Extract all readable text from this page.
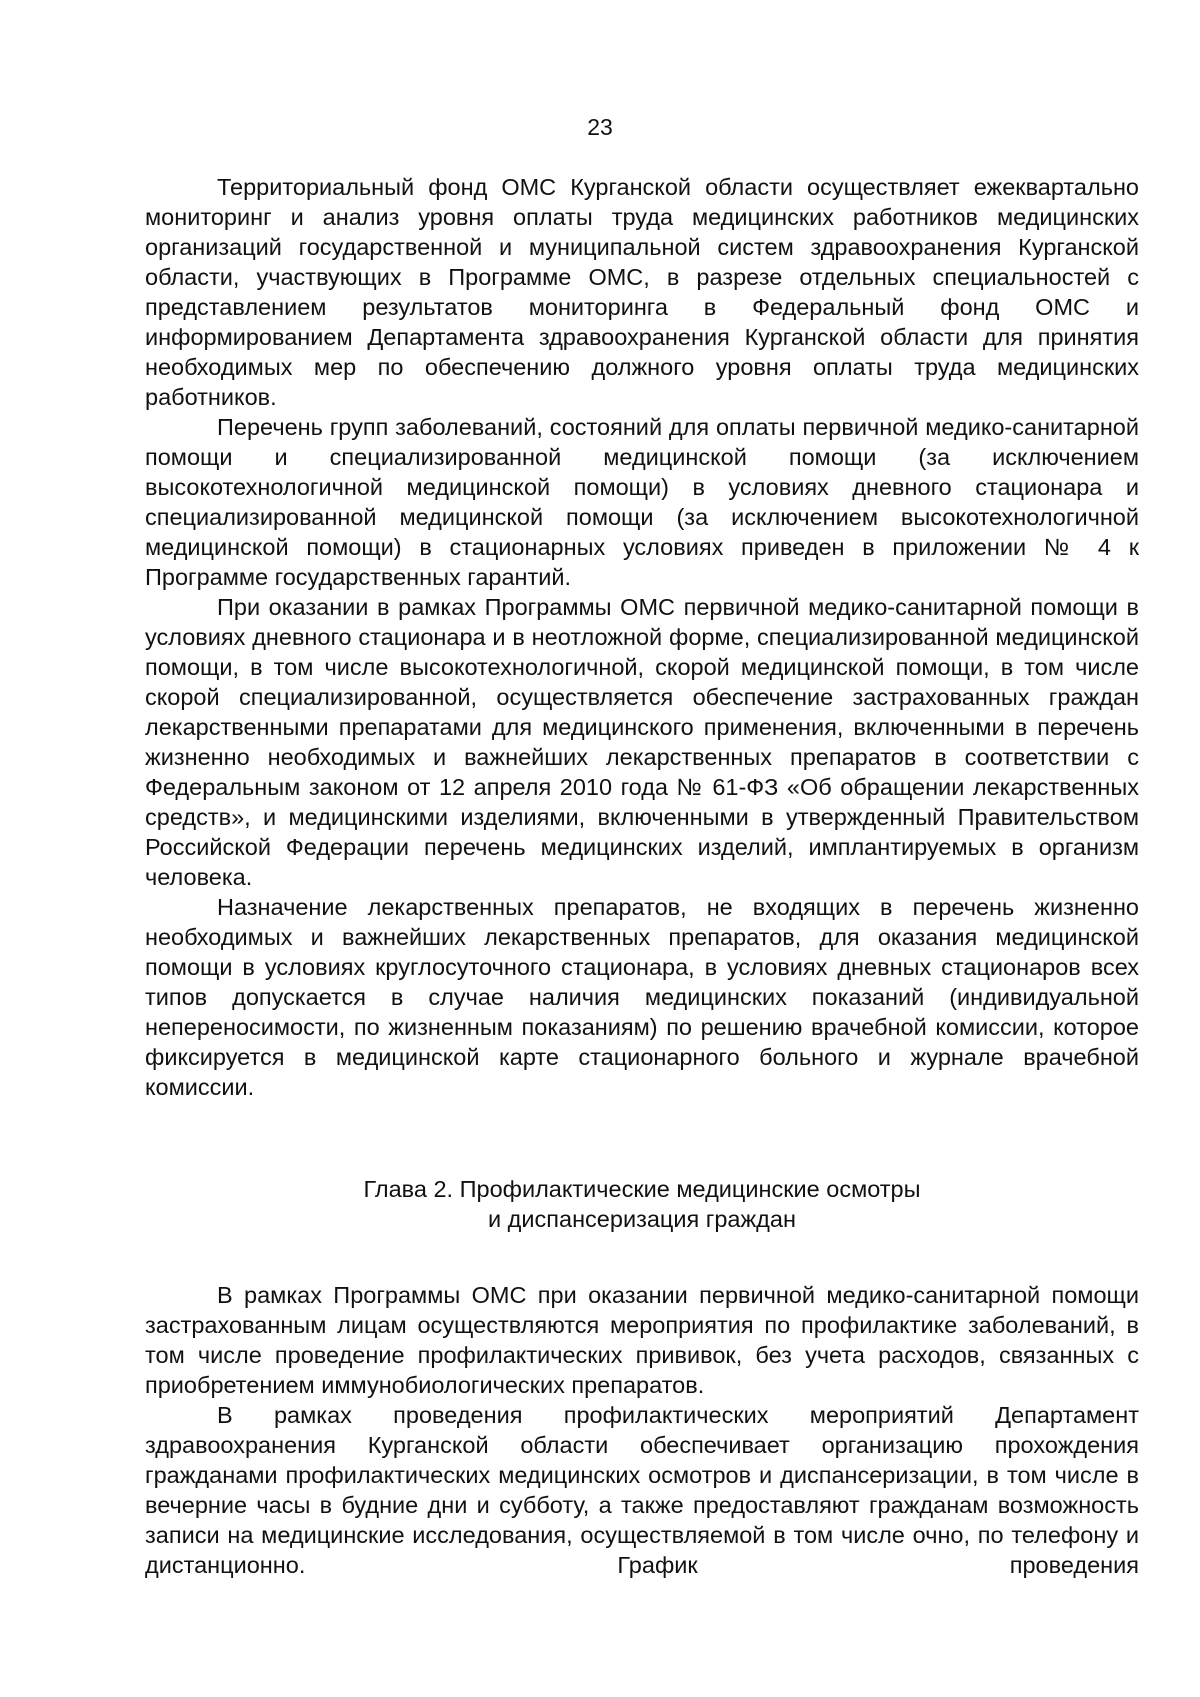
23

Территориальный фонд ОМС Курганской области осуществляет ежеквартально мониторинг и анализ уровня оплаты труда медицинских работников медицинских организаций государственной и муниципальной систем здравоохранения Курганской области, участвующих в Программе ОМС, в разрезе отдельных специальностей с представлением результатов мониторинга в Федеральный фонд ОМС и информированием Департамента здравоохранения Курганской области для принятия необходимых мер по обеспечению должного уровня оплаты труда медицинских работников.

Перечень групп заболеваний, состояний для оплаты первичной медико-санитарной помощи и специализированной медицинской помощи (за исключением высокотехнологичной медицинской помощи) в условиях дневного стационара и специализированной медицинской помощи (за исключением высокотехнологичной медицинской помощи) в стационарных условиях приведен в приложении № 4 к Программе государственных гарантий.

При оказании в рамках Программы ОМС первичной медико-санитарной помощи в условиях дневного стационара и в неотложной форме, специализированной медицинской помощи, в том числе высокотехнологичной, скорой медицинской помощи, в том числе скорой специализированной, осуществляется обеспечение застрахованных граждан лекарственными препаратами для медицинского применения, включенными в перечень жизненно необходимых и важнейших лекарственных препаратов в соответствии с Федеральным законом от 12 апреля 2010 года № 61-ФЗ «Об обращении лекарственных средств», и медицинскими изделиями, включенными в утвержденный Правительством Российской Федерации перечень медицинских изделий, имплантируемых в организм человека.

Назначение лекарственных препаратов, не входящих в перечень жизненно необходимых и важнейших лекарственных препаратов, для оказания медицинской помощи в условиях круглосуточного стационара, в условиях дневных стационаров всех типов допускается в случае наличия медицинских показаний (индивидуальной непереносимости, по жизненным показаниям) по решению врачебной комиссии, которое фиксируется в медицинской карте стационарного больного и журнале врачебной комиссии.

Глава 2. Профилактические медицинские осмотры
и диспансеризация граждан

В рамках Программы ОМС при оказании первичной медико-санитарной помощи застрахованным лицам осуществляются мероприятия по профилактике заболеваний, в том числе проведение профилактических прививок, без учета расходов, связанных с приобретением иммунобиологических препаратов.

В рамках проведения профилактических мероприятий Департамент здравоохранения Курганской области обеспечивает организацию прохождения гражданами профилактических медицинских осмотров и диспансеризации, в том числе в вечерние часы в будние дни и субботу, а также предоставляют гражданам возможность записи на медицинские исследования, осуществляемой в том числе очно, по телефону и дистанционно. График проведения
